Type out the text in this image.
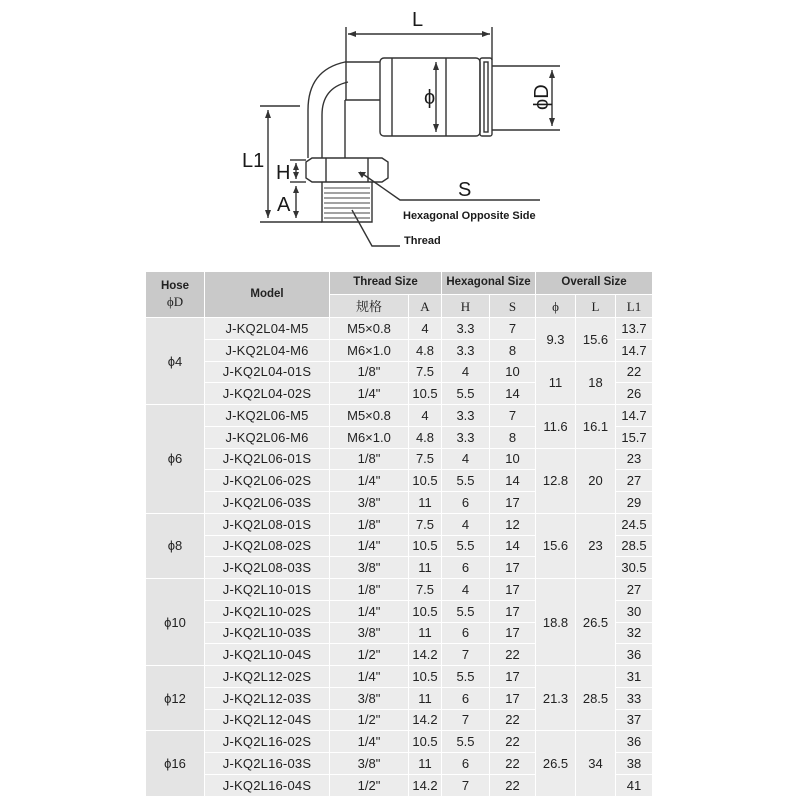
L
ϕ	ϕD
L1
H
A
S
Hexagonal Opposite Side
Thread
Hose
ϕD	Model	Thread Size		Hexagonal Size		Overall Size		
		规格	A	H	S	ϕ	L	L1
ϕ4	J-KQ2L04-M5	M5×0.8	4	3.3	7	9.3	15.6	13.7
	J-KQ2L04-M6	M6×1.0	4.8	3.3	8			14.7
	J-KQ2L04-01S	1/8"	7.5	4	10	11	18	22
	J-KQ2L04-02S	1/4"	10.5	5.5	14			26
ϕ6	J-KQ2L06-M5	M5×0.8	4	3.3	7	11.6	16.1	14.7
	J-KQ2L06-M6	M6×1.0	4.8	3.3	8			15.7
	J-KQ2L06-01S	1/8"	7.5	4	10	12.8	20	23
	J-KQ2L06-02S	1/4"	10.5	5.5	14			27
	J-KQ2L06-03S	3/8"	11	6	17			29
ϕ8	J-KQ2L08-01S	1/8"	7.5	4	12	15.6	23	24.5
	J-KQ2L08-02S	1/4"	10.5	5.5	14			28.5
	J-KQ2L08-03S	3/8"	11	6	17			30.5
ϕ10	J-KQ2L10-01S	1/8"	7.5	4	17	18.8	26.5	27
	J-KQ2L10-02S	1/4"	10.5	5.5	17			30
	J-KQ2L10-03S	3/8"	11	6	17			32
	J-KQ2L10-04S	1/2"	14.2	7	22			36
ϕ12	J-KQ2L12-02S	1/4"	10.5	5.5	17	21.3	28.5	31
	J-KQ2L12-03S	3/8"	11	6	17			33
	J-KQ2L12-04S	1/2"	14.2	7	22			37
ϕ16	J-KQ2L16-02S	1/4"	10.5	5.5	22	26.5	34	36
	J-KQ2L16-03S	3/8"	11	6	22			38
	J-KQ2L16-04S	1/2"	14.2	7	22			41
